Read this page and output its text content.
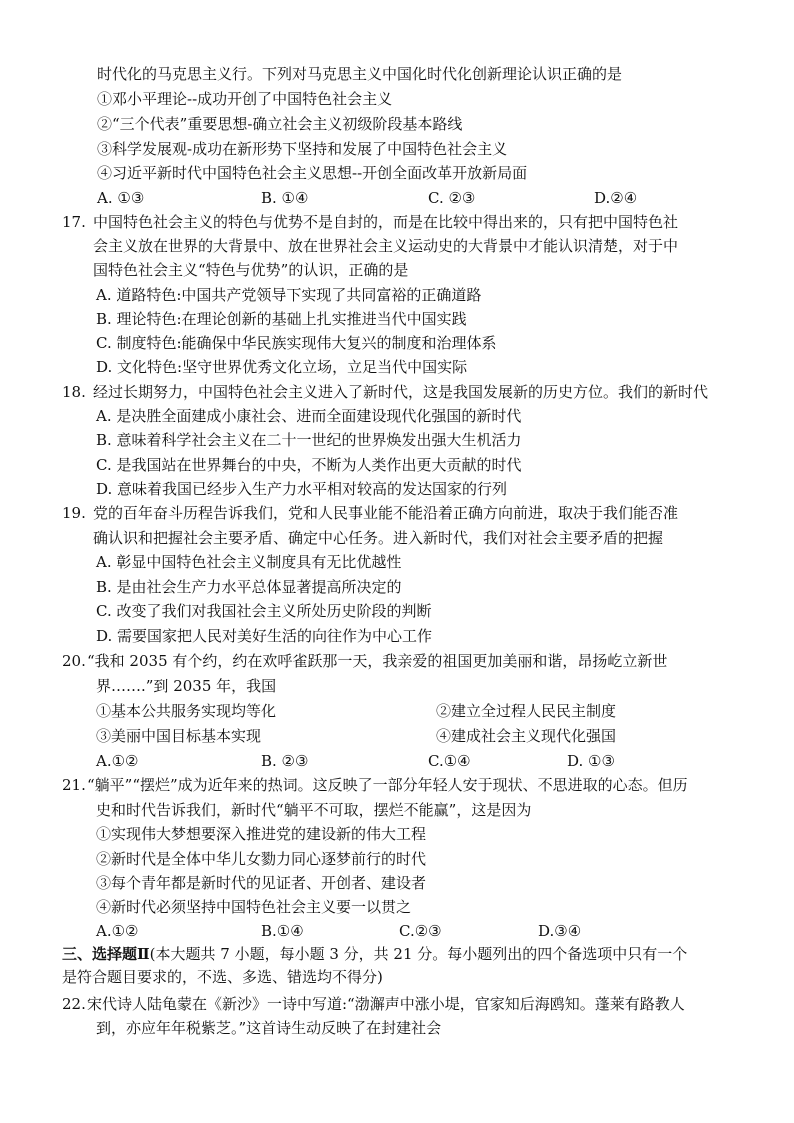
时代化的马克思主义行。下列对马克思主义中国化时代化创新理论认识正确的是
①邓小平理论--成功开创了中国特色社会主义
②“三个代表”重要思想-确立社会主义初级阶段基本路线
③科学发展观-成功在新形势下坚持和发展了中国特色社会主义
④习近平新时代中国特色社会主义思想--开创全面改革开放新局面
A. ①③	B. ①④	C. ②③	D.②④
17. 中国特色社会主义的特色与优势不是自封的，而是在比较中得出来的，只有把中国特色社
会主义放在世界的大背景中、放在世界社会主义运动史的大背景中才能认识清楚，对于中
国特色社会主义“特色与优势”的认识，正确的是
A. 道路特色:中国共产党领导下实现了共同富裕的正确道路
B. 理论特色:在理论创新的基础上扎实推进当代中国实践
C. 制度特色:能确保中华民族实现伟大复兴的制度和治理体系
D. 文化特色:坚守世界优秀文化立场，立足当代中国实际
18. 经过长期努力，中国特色社会主义进入了新时代，这是我国发展新的历史方位。我们的新时代
A. 是决胜全面建成小康社会、进而全面建设现代化强国的新时代
B. 意味着科学社会主义在二十一世纪的世界焕发出强大生机活力
C. 是我国站在世界舞台的中央，不断为人类作出更大贡献的时代
D. 意味着我国已经步入生产力水平相对较高的发达国家的行列
19. 党的百年奋斗历程告诉我们，党和人民事业能不能沿着正确方向前进，取决于我们能否准
确认识和把握社会主要矛盾、确定中心任务。进入新时代，我们对社会主要矛盾的把握
A. 彰显中国特色社会主义制度具有无比优越性
B. 是由社会生产力水平总体显著提高所决定的
C. 改变了我们对我国社会主义所处历史阶段的判断
D. 需要国家把人民对美好生活的向往作为中心工作
20. “我和 2035 有个约，约在欢呼雀跃那一天，我亲爱的祖国更加美丽和谐，昂扬屹立新世
界…….”到 2035 年，我国
①基本公共服务实现均等化	②建立全过程人民民主制度
③美丽中国目标基本实现	④建成社会主义现代化强国
A.①②	B. ②③	C.①④	D. ①③
21. “躺平”“摆烂”成为近年来的热词。这反映了一部分年轻人安于现状、不思进取的心态。但历
史和时代告诉我们，新时代“躺平不可取，摆烂不能赢”，这是因为
①实现伟大梦想要深入推进党的建设新的伟大工程
②新时代是全体中华儿女勠力同心逐梦前行的时代
③每个青年都是新时代的见证者、开创者、建设者
④新时代必须坚持中国特色社会主义要一以贯之
A.①②	B.①④	C.②③	D.③④
三、选择题Ⅱ(本大题共 7 小题，每小题 3 分，共 21 分。每小题列出的四个备选项中只有一个
是符合题目要求的，不选、多选、错选均不得分)
22. 宋代诗人陆龟蒙在《新沙》一诗中写道:“渤澥声中涨小堤，官家知后海鸥知。蓬莱有路教人
到，亦应年年税紫芝。”这首诗生动反映了在封建社会
